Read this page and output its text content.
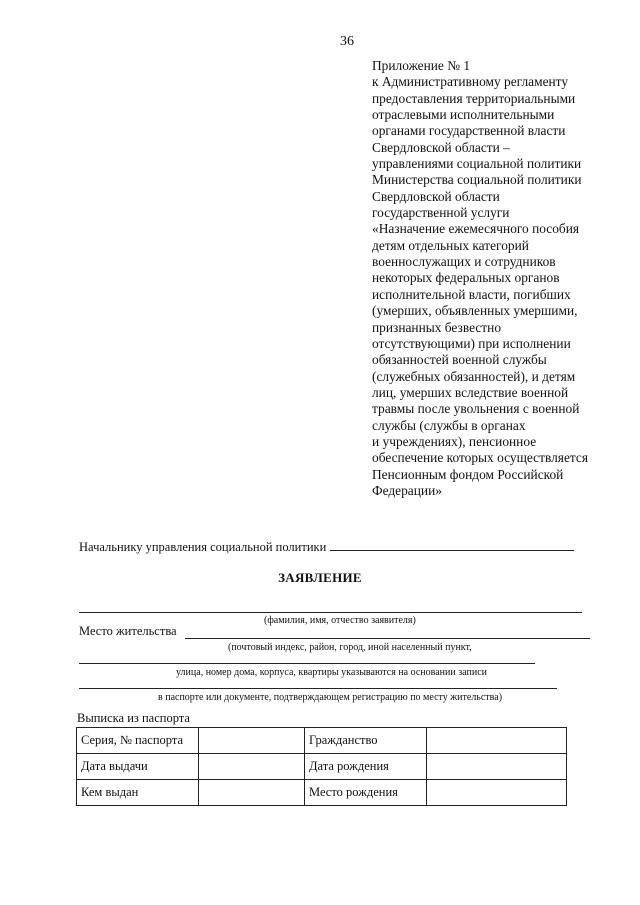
36
Приложение № 1
к Административному регламенту
предоставления территориальными
отраслевыми исполнительными
органами государственной власти
Свердловской области –
управлениями социальной политики
Министерства социальной политики
Свердловской области
государственной услуги
«Назначение ежемесячного пособия
детям отдельных категорий
военнослужащих и сотрудников
некоторых федеральных органов
исполнительной власти, погибших
(умерших, объявленных умершими,
признанных безвестно
отсутствующими) при исполнении
обязанностей военной службы
(служебных обязанностей), и детям
лиц, умерших вследствие военной
травмы после увольнения с военной
службы (службы в органах
и учреждениях), пенсионное
обеспечение которых осуществляется
Пенсионным фондом Российской
Федерации»
Начальнику управления социальной политики
ЗАЯВЛЕНИЕ
(фамилия, имя, отчество заявителя)
Место жительства
(почтовый индекс, район, город, иной населенный пункт,
улица, номер дома, корпуса, квартиры указываются на основании записи
в паспорте или документе, подтверждающем регистрацию по месту жительства)
Выписка из паспорта
Серия, № паспорта		Гражданство	
Дата выдачи		Дата рождения	
Кем выдан		Место рождения	
